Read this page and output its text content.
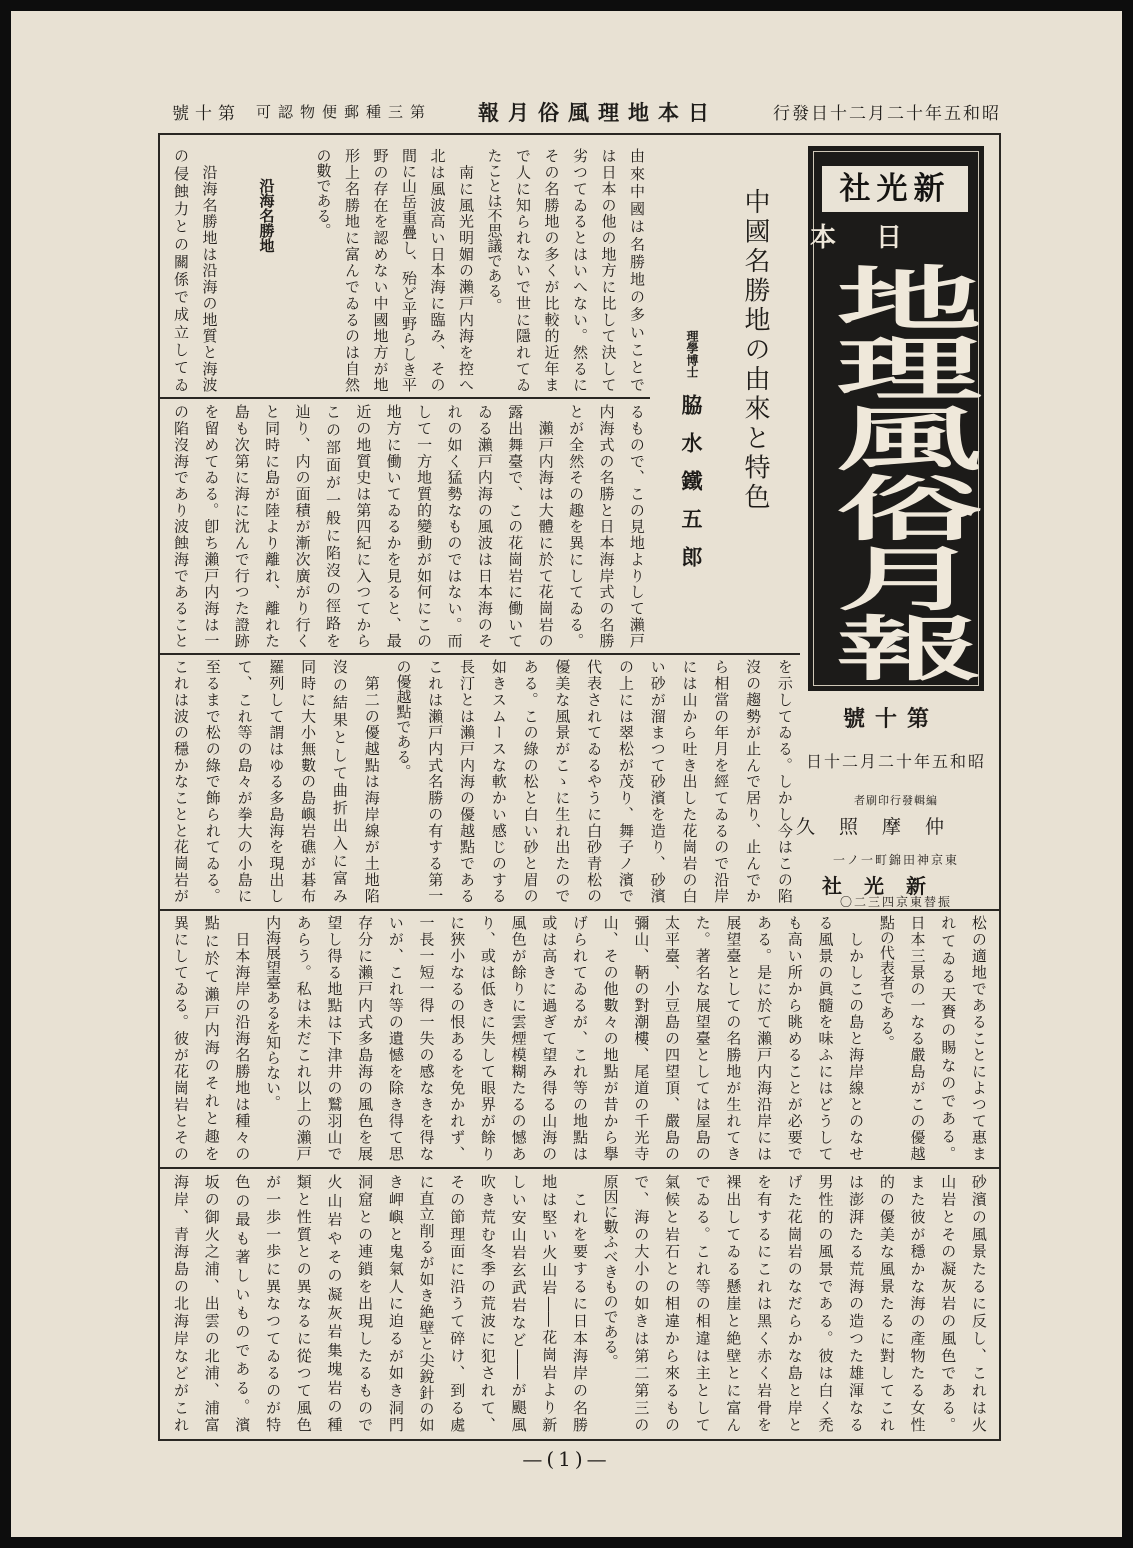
第十號 第三種郵便物認可 日本地理風俗月報	昭和五年十二月二十日發行
中國名勝地の由來と特色
理學博士
脇水鐵五郎
新光社
日本
地理風俗月報
第十號
昭和五年十二月二十日
編輯發行印刷者
仲摩照久
東京神田錦町一ノ一
新光社
振替東京四三二〇
由來中國は名勝地の多いことで
は日本の他の地方に比して決して
劣つてゐるとはいへない。然るに
その名勝地の多くが比較的近年ま
で人に知られないで世に隱れてゐ
たことは不思議である。
　南に風光明媚の瀨戸内海を控へ
北は風波高い日本海に臨み、その
間に山岳重疊し、殆ど平野らしき平
野の存在を認めない中國地方が地
形上名勝地に富んでゐるのは自然
の數である。
　　沿海名勝地
　沿海名勝地は沿海の地質と海波
の侵蝕力との關係で成立してゐ
るもので、この見地よりして瀨戸
内海式の名勝と日本海岸式の名勝
とが全然その趣を異にしてゐる。
　瀨戸内海は大體に於て花崗岩の
露出舞臺で、この花崗岩に働いて
ゐる瀨戸内海の風波は日本海のそ
れの如く猛勢なものではない。而
して一方地質的變動が如何にこの
地方に働いてゐるかを見ると、最
近の地質史は第四紀に入つてから
この部面が一般に陷沒の徑路を
辿り、内の面積が漸次廣がり行く
と同時に島が陸より離れ、離れた
島も次第に海に沈んで行つた證跡
を留めてゐる。卽ち瀨戸内海は一
の陷沒海であり波蝕海であること
を示してゐる。しかし今はこの陷
沒の趨勢が止んで居り、止んでか
ら相當の年月を經てゐるので沿岸
には山から吐き出した花崗岩の白
い砂が溜まつて砂濱を造り、砂濱
の上には翠松が茂り、舞子ノ濱で
代表されてゐるやうに白砂青松の
優美な風景がこゝに生れ出たので
ある。この綠の松と白い砂と眉の
如きスムースな軟かい感じのする
長汀とは瀨戸内海の優越點である
これは瀨戸内式名勝の有する第一
の優越點である。
　第二の優越點は海岸線が土地陷
沒の結果として曲折出入に富み
同時に大小無數の島嶼岩礁が碁布
羅列して謂はゆる多島海を現出し
て、これ等の島々が拳大の小島に
至るまで松の綠で飾られてゐる。
これは波の穩かなことと花崗岩が
松の適地であることによつて惠ま
れてゐる天賚の賜なのである。
日本三景の一なる嚴島がこの優越
點の代表者である。
　しかしこの島と海岸線とのなせ
る風景の眞髓を味ふにはどうして
も高い所から眺めることが必要で
ある。是に於て瀨戸内海沿岸には
展望臺としての名勝地が生れてき
た。著名な展望臺としては屋島の
太平臺、小豆島の四望頂、嚴島の
彌山、鞆の對潮樓、尾道の千光寺
山、その他數々の地點が昔から擧
げられてゐるが、これ等の地點は
或は高きに過ぎて望み得る山海の
風色が餘りに雲煙模糊たるの憾あ
り、或は低きに失して眼界が餘り
に狹小なるの恨あるを免かれず、
一長一短一得一失の感なきを得な
いが、これ等の遺憾を除き得て思
存分に瀨戸内式多島海の風色を展
望し得る地點は下津井の鷲羽山で
あらう。私は未だこれ以上の瀨戸
内海展望臺あるを知らない。
　日本海岸の沿海名勝地は種々の
點に於て瀨戸内海のそれと趣を
異にしてゐる。彼が花崗岩とその
砂濱の風景たるに反し、これは火
山岩とその凝灰岩の風色である。
また彼が穩かな海の產物たる女性
的の優美な風景たるに對してこれ
は澎湃たる荒海の造つた雄渾なる
男性的の風景である。彼は白く禿
げた花崗岩のなだらかな島と岸と
を有するにこれは黑く赤く岩骨を
裸出してゐる懸崖と絶壁とに富ん
でゐる。これ等の相違は主として
氣候と岩石との相違から來るもの
で、海の大小の如きは第二第三の
原因に數ふべきものである。
　これを要するに日本海岸の名勝
地は堅い火山岩――花崗岩より新
しい安山岩玄武岩など――が颶風
吹き荒む冬季の荒波に犯されて、
その節理面に沿うて碎け、到る處
に直立削るが如き絶壁と尖銳針の如
き岬嶼と鬼氣人に迫るが如き洞門
洞窟との連鎖を出現したるもので
火山岩やその凝灰岩集塊岩の種
類と性質との異なるに從つて風色
が一歩一歩に異なつてゐるのが特
色の最も著しいものである。濱
坂の御火之浦、出雲の北浦、浦富
海岸、青海島の北海岸などがこれ
—(1)—
